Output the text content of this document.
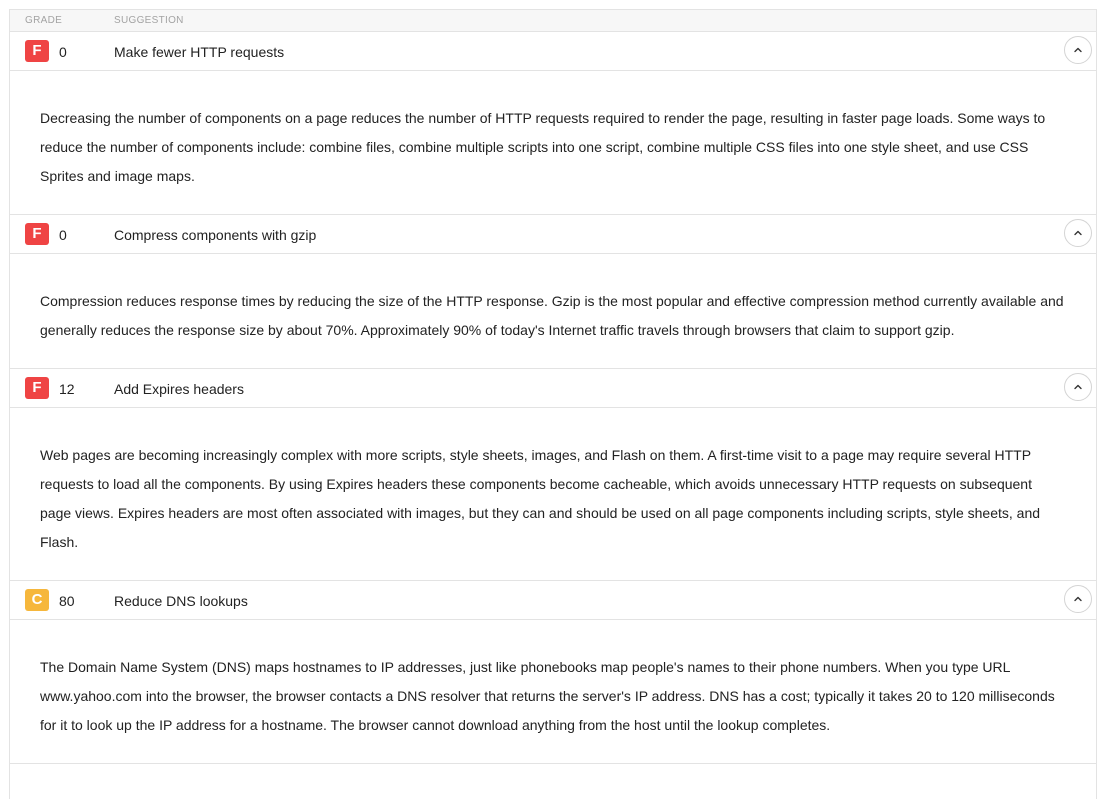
GRADE	SUGGESTION
F	0	Make fewer HTTP requests
Decreasing the number of components on a page reduces the number of HTTP requests required to render the page, resulting in faster page loads. Some ways to reduce the number of components include: combine files, combine multiple scripts into one script, combine multiple CSS files into one style sheet, and use CSS Sprites and image maps.
F	0	Compress components with gzip
Compression reduces response times by reducing the size of the HTTP response. Gzip is the most popular and effective compression method currently available and generally reduces the response size by about 70%. Approximately 90% of today's Internet traffic travels through browsers that claim to support gzip.
F	12	Add Expires headers
Web pages are becoming increasingly complex with more scripts, style sheets, images, and Flash on them. A first-time visit to a page may require several HTTP requests to load all the components. By using Expires headers these components become cacheable, which avoids unnecessary HTTP requests on subsequent page views. Expires headers are most often associated with images, but they can and should be used on all page components including scripts, style sheets, and Flash.
C	80	Reduce DNS lookups
The Domain Name System (DNS) maps hostnames to IP addresses, just like phonebooks map people's names to their phone numbers. When you type URL www.yahoo.com into the browser, the browser contacts a DNS resolver that returns the server's IP address. DNS has a cost; typically it takes 20 to 120 milliseconds for it to look up the IP address for a hostname. The browser cannot download anything from the host until the lookup completes.
